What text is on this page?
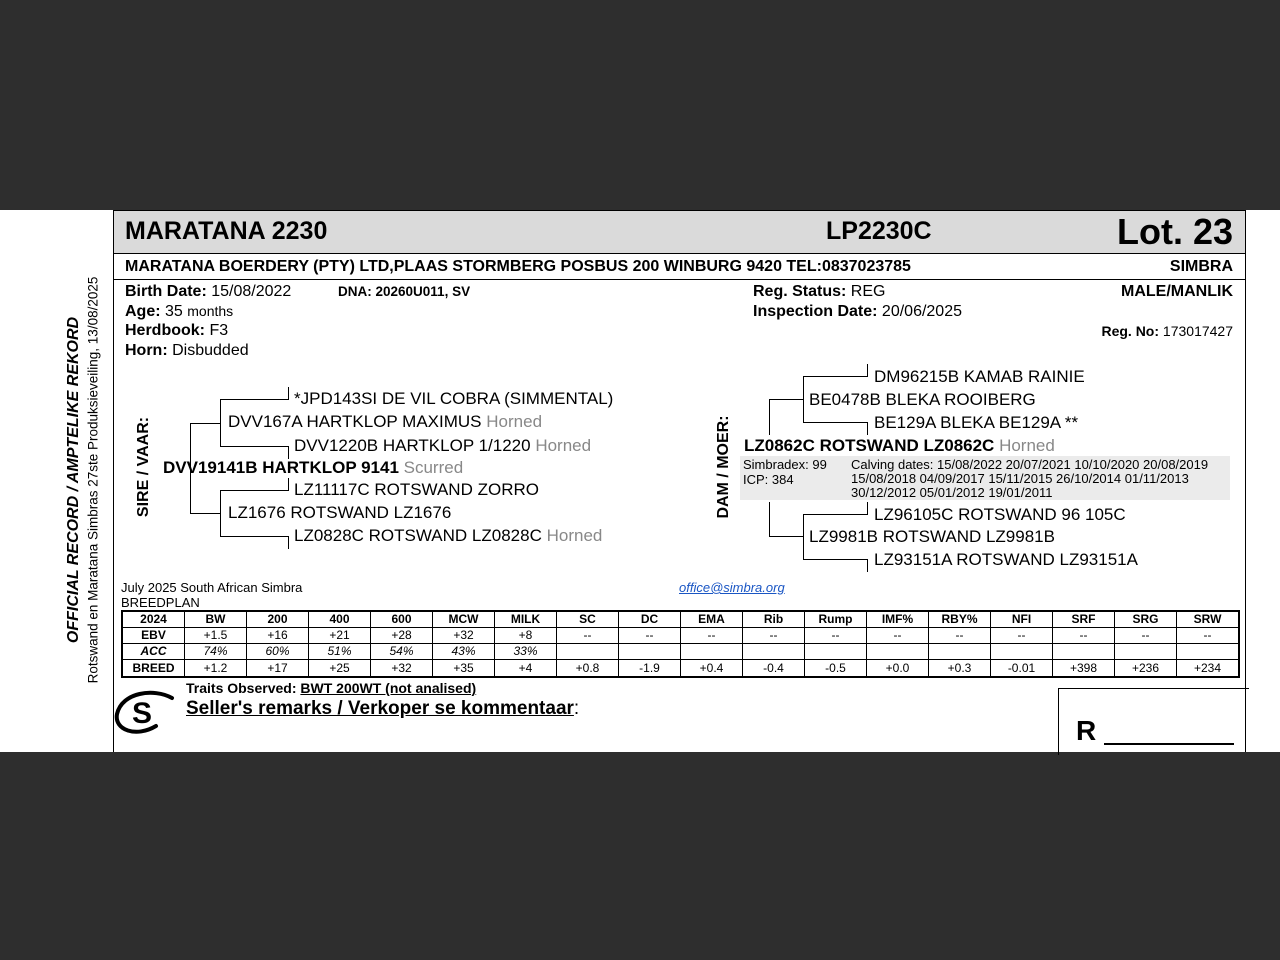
OFFICIAL RECORD / AMPTELIKE REKORD Rotswand en Maratana Simbras 27ste Produksieveiling, 13/08/2025
MARATANA 2230	LP2230C	Lot. 23
MARATANA BOERDERY (PTY) LTD,PLAAS STORMBERG POSBUS 200 WINBURG 9420 TEL:0837023785	SIMBRA
Birth Date: 15/08/2022	DNA: 20260U011, SV
Age: 35 months
Herdbook: F3
Horn: Disbudded
Reg. Status: REG
Inspection Date: 20/06/2025
MALE/MANLIK
Reg. No: 173017427
SIRE / VAAR:
*JPD143SI DE VIL COBRA (SIMMENTAL)
DVV167A HARTKLOP MAXIMUS Horned
DVV1220B HARTKLOP 1/1220 Horned
DVV19141B HARTKLOP 9141 Scurred
LZ11117C ROTSWAND ZORRO
LZ1676 ROTSWAND LZ1676
LZ0828C ROTSWAND LZ0828C Horned
DAM / MOER:
DM96215B KAMAB RAINIE
BE0478B BLEKA ROOIBERG
BE129A BLEKA BE129A **
LZ0862C ROTSWAND LZ0862C Horned
Simbradex: 99
ICP: 384
Calving dates: 15/08/2022 20/07/2021 10/10/2020 20/08/2019
15/08/2018 04/09/2017 15/11/2015 26/10/2014 01/11/2013
30/12/2012 05/01/2012 19/01/2011
LZ96105C ROTSWAND 96 105C
LZ9981B ROTSWAND LZ9981B
LZ93151A ROTSWAND LZ93151A
July 2025 South African Simbra
BREEDPLAN
office@simbra.org
2024	BW	200	400	600	MCW	MILK	SC	DC	EMA	Rib	Rump	IMF%	RBY%	NFI	SRF	SRG	SRW
EBV	+1.5	+16	+21	+28	+32	+8	--	--	--	--	--	--	--	--	--	--	--
ACC	74%	60%	51%	54%	43%	33%											
BREED	+1.2	+17	+25	+32	+35	+4	+0.8	-1.9	+0.4	-0.4	-0.5	+0.0	+0.3	-0.01	+398	+236	+234
S
Traits Observed: BWT 200WT (not analised)
Seller's remarks / Verkoper se kommentaar:
R
